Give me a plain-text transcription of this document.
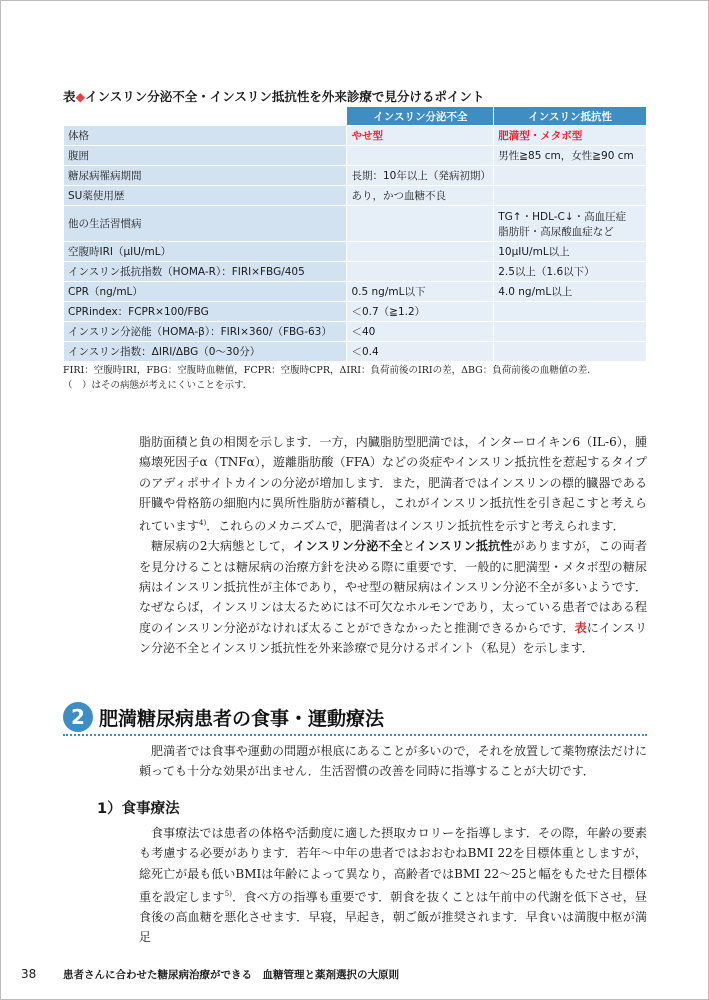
表◆インスリン分泌不全・インスリン抵抗性を外来診療で見分けるポイント
	インスリン分泌不全	インスリン抵抗性
体格	やせ型	肥満型・メタボ型
腹囲		男性≧85 cm，女性≧90 cm
糖尿病罹病期間	長期：10年以上（発病初期）	
SU薬使用歴	あり，かつ血糖不良	
他の生活習慣病		TG↑・HDL-C↓・高血圧症
脂肪肝・高尿酸血症など

空腹時IRI（μIU/mL）		10μIU/mL以上
インスリン抵抗指数（HOMA-R）：FIRI×FBG/405		2.5以上（1.6以下）
CPR（ng/mL）	0.5 ng/mL以下	4.0 ng/mL以上
CPRindex：FCPR×100/FBG	＜0.7（≧1.2）	
インスリン分泌能（HOMA-β）：FIRI×360/（FBG-63）	＜40	
インスリン指数：ΔIRI/ΔBG（0～30分）	＜0.4	
FIRI：空腹時IRI，FBG：空腹時血糖値，FCPR：空腹時CPR，ΔIRI：負荷前後のIRIの差，ΔBG：負荷前後の血糖値の差．
（　）はその病態が考えにくいことを示す．

脂肪面積と負の相関を示します．一方，内臓脂肪型肥満では，インターロイキン6（IL-6），腫瘍壊死因子α（TNFα），遊離脂肪酸（FFA）などの炎症やインスリン抵抗性を惹起するタイプのアディポサイトカインの分泌が増加します．また，肥満者ではインスリンの標的臓器である肝臓や骨格筋の細胞内に異所性脂肪が蓄積し，これがインスリン抵抗性を引き起こすと考えられています$^{4)}$．これらのメカニズムで，肥満者はインスリン抵抗性を示すと考えられます．

糖尿病の2大病態として，インスリン分泌不全とインスリン抵抗性がありますが，この両者を見分けることは糖尿病の治療方針を決める際に重要です．一般的に肥満型・メタボ型の糖尿病はインスリン抵抗性が主体であり，やせ型の糖尿病はインスリン分泌不全が多いようです．なぜならば，インスリンは太るためには不可欠なホルモンであり，太っている患者ではある程度のインスリン分泌がなければ太ることができなかったと推測できるからです．表にインスリン分泌不全とインスリン抵抗性を外来診療で見分けるポイント（私見）を示します．

2 肥満糖尿病患者の食事・運動療法

肥満者では食事や運動の問題が根底にあることが多いので，それを放置して薬物療法だけに頼っても十分な効果が出ません．生活習慣の改善を同時に指導することが大切です．

1）食事療法

食事療法では患者の体格や活動度に適した摂取カロリーを指導します．その際，年齢の要素も考慮する必要があります．若年～中年の患者ではおおむねBMI 22を目標体重としますが，総死亡が最も低いBMIは年齢によって異なり，高齢者ではBMI 22～25と幅をもたせた目標体重を設定します$^{5)}$．食べ方の指導も重要です．朝食を抜くことは午前中の代謝を低下させ，昼食後の高血糖を悪化させます．早寝，早起き，朝ご飯が推奨されます．早食いは満腹中枢が満足

38	患者さんに合わせた糖尿病治療ができる　血糖管理と薬剤選択の大原則
